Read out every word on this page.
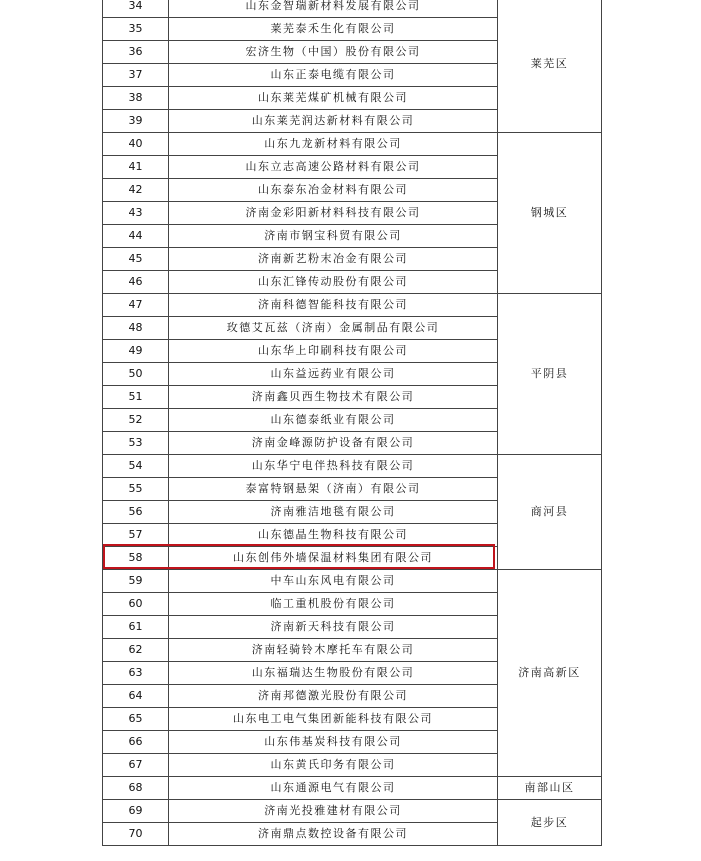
34	山东金智瑞新材料发展有限公司	莱芜区
35	莱芜泰禾生化有限公司	
36	宏济生物（中国）股份有限公司	
37	山东正泰电缆有限公司	
38	山东莱芜煤矿机械有限公司	
39	山东莱芜润达新材料有限公司	
40	山东九龙新材料有限公司	钢城区
41	山东立志高速公路材料有限公司	
42	山东泰东冶金材料有限公司	
43	济南金彩阳新材料科技有限公司	
44	济南市钢宝科贸有限公司	
45	济南新艺粉末冶金有限公司	
46	山东汇锋传动股份有限公司	
47	济南科德智能科技有限公司	平阴县
48	玫德艾瓦兹（济南）金属制品有限公司	
49	山东华上印刷科技有限公司	
50	山东益远药业有限公司	
51	济南鑫贝西生物技术有限公司	
52	山东德泰纸业有限公司	
53	济南金峰源防护设备有限公司	
54	山东华宁电伴热科技有限公司	商河县
55	泰富特钢悬架（济南）有限公司	
56	济南雅洁地毯有限公司	
57	山东德晶生物科技有限公司	
58	山东创伟外墙保温材料集团有限公司	
59	中车山东风电有限公司	济南高新区
60	临工重机股份有限公司	
61	济南新天科技有限公司	
62	济南轻骑铃木摩托车有限公司	
63	山东福瑞达生物股份有限公司	
64	济南邦德激光股份有限公司	
65	山东电工电气集团新能科技有限公司	
66	山东伟基炭科技有限公司	
67	山东黄氏印务有限公司	
68	山东通源电气有限公司	南部山区
69	济南光投雅建材有限公司	起步区
70	济南鼎点数控设备有限公司	
